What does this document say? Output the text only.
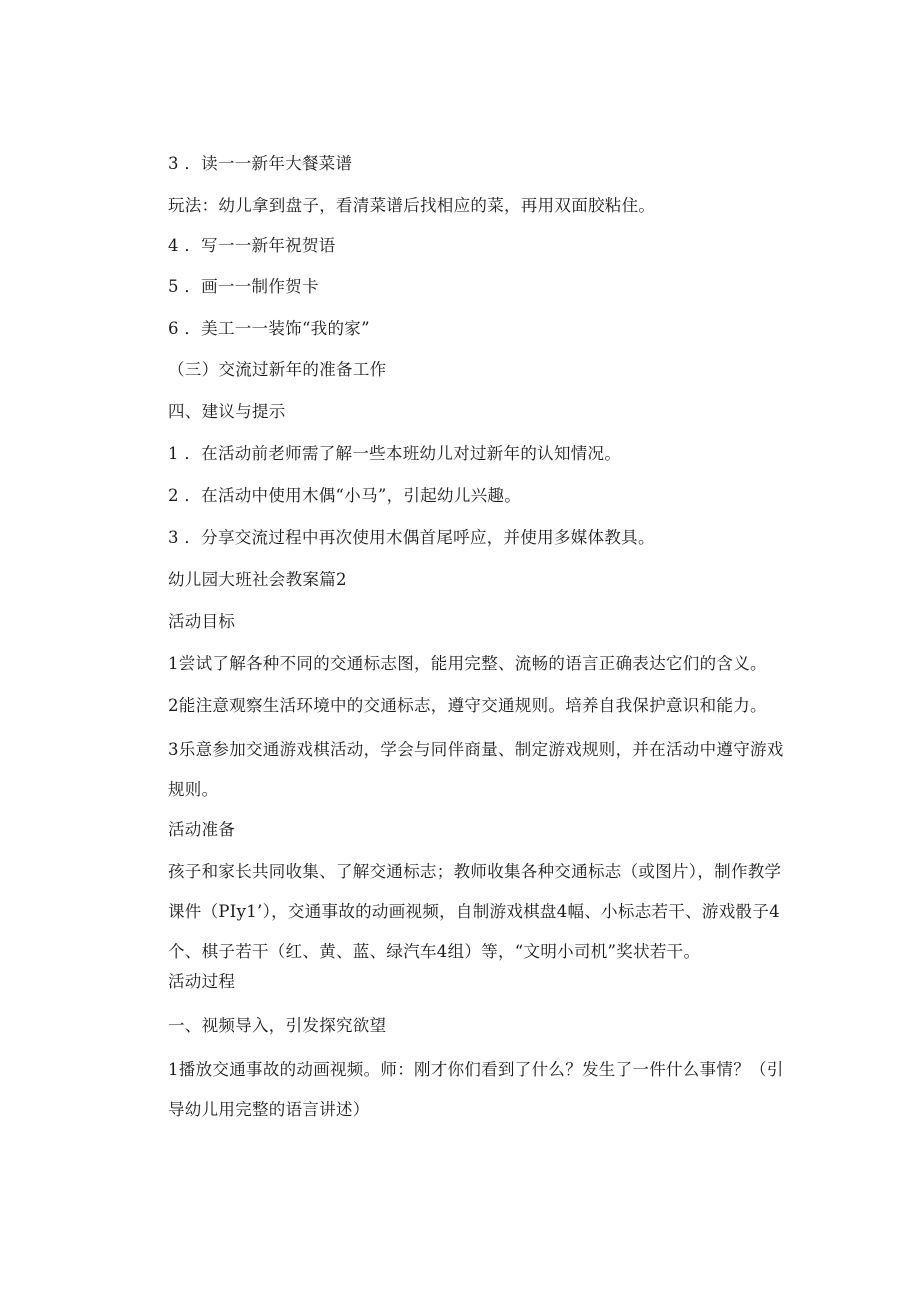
3 ．读一一新年大餐菜谱
玩法：幼儿拿到盘子，看清菜谱后找相应的菜，再用双面胶粘住。
4 ．写一一新年祝贺语
5 ．画一一制作贺卡
6 ．美工一一装饰“我的家”
（三）交流过新年的准备工作
四、建议与提示
1 ．在活动前老师需了解一些本班幼儿对过新年的认知情况。
2 ．在活动中使用木偶“小马”，引起幼儿兴趣。
3 ．分享交流过程中再次使用木偶首尾呼应，并使用多媒体教具。
幼儿园大班社会教案篇2
活动目标
1尝试了解各种不同的交通标志图，能用完整、流畅的语言正确表达它们的含义。
2能注意观察生活环境中的交通标志，遵守交通规则。培养自我保护意识和能力。
3乐意参加交通游戏棋活动，学会与同伴商量、制定游戏规则，并在活动中遵守游戏规则。
活动准备
孩子和家长共同收集、了解交通标志；教师收集各种交通标志（或图片），制作教学课件（PIy1’），交通事故的动画视频，自制游戏棋盘4幅、小标志若干、游戏骰子4个、棋子若干（红、黄、蓝、绿汽车4组）等，“文明小司机”奖状若干。
活动过程
一、视频导入，引发探究欲望
1播放交通事故的动画视频。师：刚才你们看到了什么？发生了一件什么事情？（引导幼儿用完整的语言讲述）
